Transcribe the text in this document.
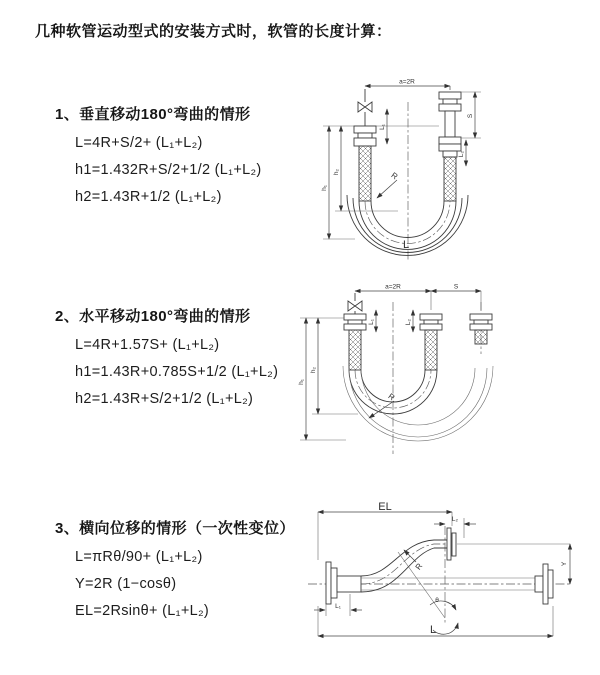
几种软管运动型式的安装方式时，软管的长度计算：
1、垂直移动180°弯曲的情形
L=4R+S/2+ (L₁+L₂)
h1=1.432R+S/2+1/2 (L₁+L₂)
h2=1.43R+1/2 (L₁+L₂)
a=2R
h₁
h₂
L₁
S
L₂
R
L
2、水平移动180°弯曲的情形
L=4R+1.57S+ (L₁+L₂)
h1=1.43R+0.785S+1/2 (L₁+L₂)
h2=1.43R+S/2+1/2 (L₁+L₂)
a=2R	S
h₁
h₂
L₁	L₂
R
3、横向位移的情形（一次性变位）
L=πRθ/90+ (L₁+L₂)
Y=2R (1−cosθ)
EL=2Rsinθ+ (L₁+L₂)
EL
L₂
Y
θ
R
L₁
L
